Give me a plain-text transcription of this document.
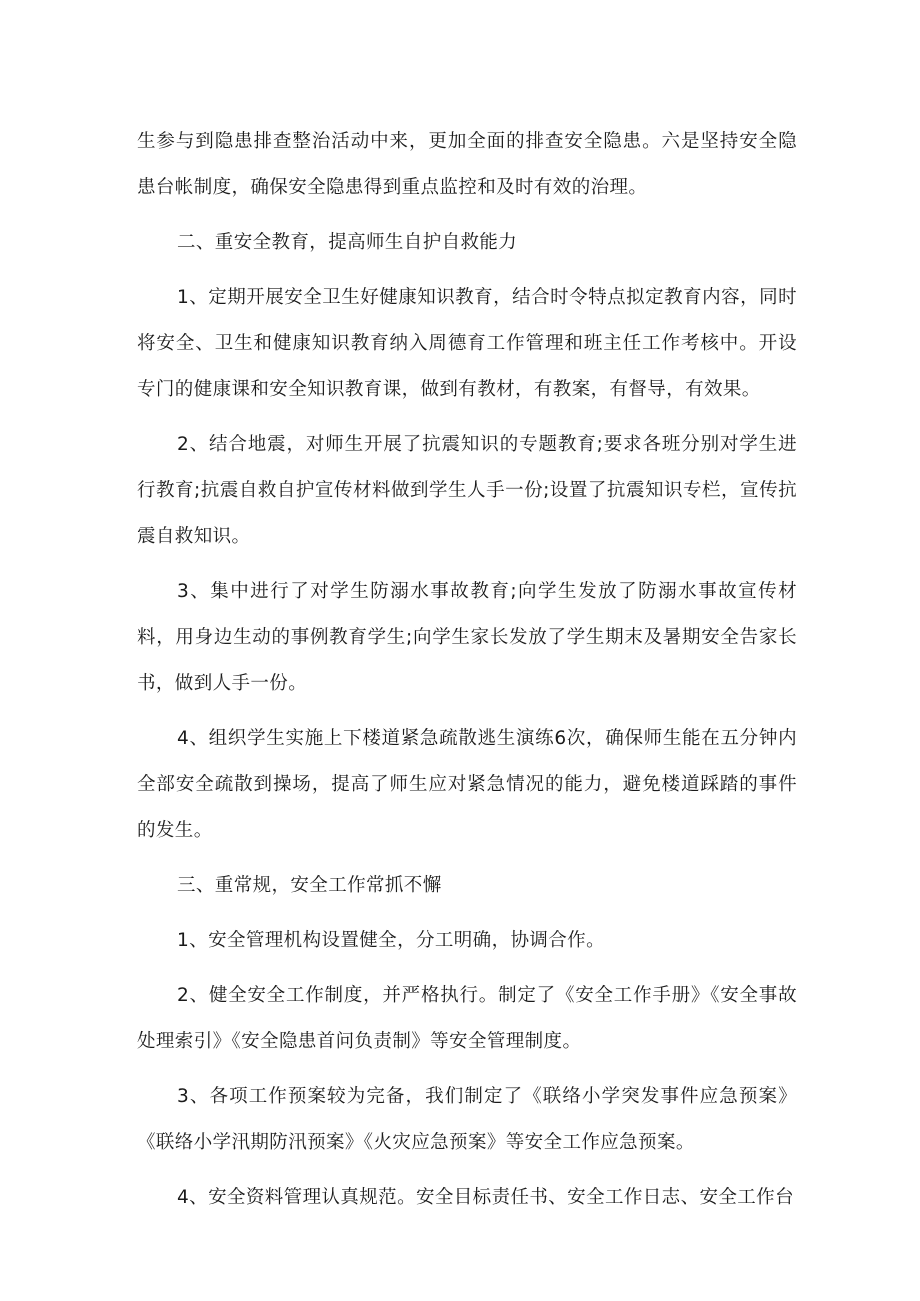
生参与到隐患排查整治活动中来，更加全面的排查安全隐患。六是坚持安全隐患台帐制度，确保安全隐患得到重点监控和及时有效的治理。

二、重安全教育，提高师生自护自救能力

1、定期开展安全卫生好健康知识教育，结合时令特点拟定教育内容，同时将安全、卫生和健康知识教育纳入周德育工作管理和班主任工作考核中。开设专门的健康课和安全知识教育课，做到有教材，有教案，有督导，有效果。

2、结合地震，对师生开展了抗震知识的专题教育;要求各班分别对学生进行教育;抗震自救自护宣传材料做到学生人手一份;设置了抗震知识专栏，宣传抗震自救知识。

3、集中进行了对学生防溺水事故教育;向学生发放了防溺水事故宣传材料，用身边生动的事例教育学生;向学生家长发放了学生期末及暑期安全告家长书，做到人手一份。

4、组织学生实施上下楼道紧急疏散逃生演练6次，确保师生能在五分钟内全部安全疏散到操场，提高了师生应对紧急情况的能力，避免楼道踩踏的事件的发生。

三、重常规，安全工作常抓不懈

1、安全管理机构设置健全，分工明确，协调合作。

2、健全安全工作制度，并严格执行。制定了《安全工作手册》《安全事故处理索引》《安全隐患首问负责制》等安全管理制度。

3、各项工作预案较为完备，我们制定了《联络小学突发事件应急预案》《联络小学汛期防汛预案》《火灾应急预案》等安全工作应急预案。

4、安全资料管理认真规范。安全目标责任书、安全工作日志、安全工作台
